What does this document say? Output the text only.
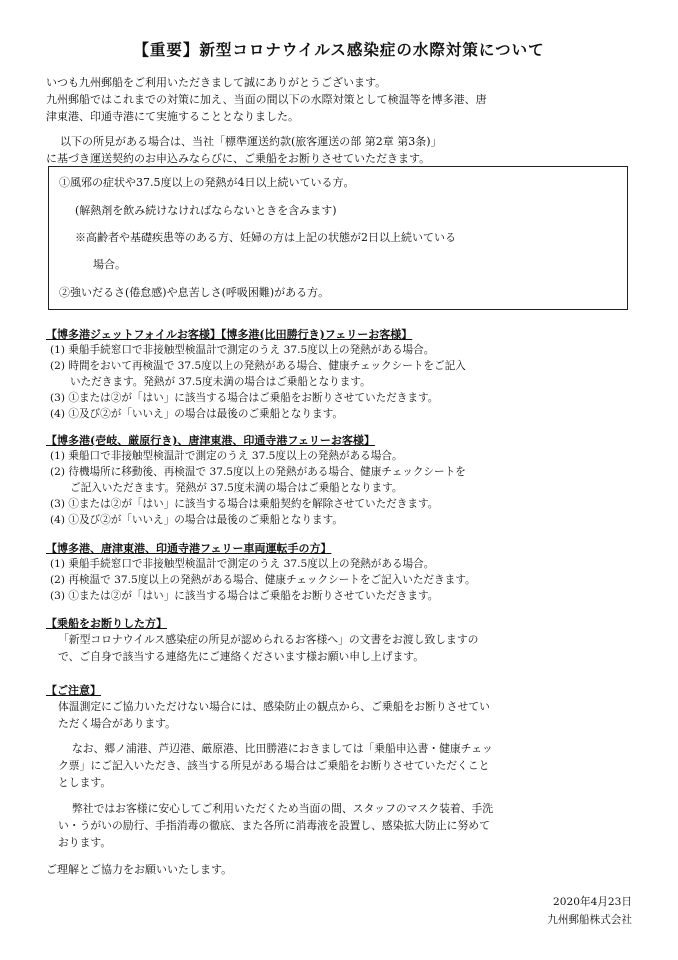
【重要】新型コロナウイルス感染症の水際対策について

いつも九州郵船をご利用いただきまして誠にありがとうございます。

九州郵船ではこれまでの対策に加え、当面の間以下の水際対策として検温等を博多港、唐

津東港、印通寺港にて実施することとなりました。

以下の所見がある場合は、当社「標準運送約款(旅客運送の部 第2章 第3条)」

に基づき運送契約のお申込みならびに、ご乗船をお断りさせていただきます。

①風邪の症状や37.5度以上の発熱が4日以上続いている方。
(解熱剤を飲み続けなければならないときを含みます)
※高齢者や基礎疾患等のある方、妊婦の方は上記の状態が2日以上続いている
場合。
②強いだるさ(倦怠感)や息苦しさ(呼吸困難)がある方。
【博多港ジェットフォイルお客様】【博多港(比田勝行き)フェリーお客様】
(1) 乗船手続窓口で非接触型検温計で測定のうえ 37.5度以上の発熱がある場合。
(2) 時間をおいて再検温で 37.5度以上の発熱がある場合、健康チェックシートをご記入
いただきます。発熱が 37.5度未満の場合はご乗船となります。
(3) ①または②が「はい」に該当する場合はご乗船をお断りさせていただきます。
(4) ①及び②が「いいえ」の場合は最後のご乗船となります。
【博多港(壱岐、厳原行き)、唐津東港、印通寺港フェリーお客様】
(1) 乗船口で非接触型検温計で測定のうえ 37.5度以上の発熱がある場合。
(2) 待機場所に移動後、再検温で 37.5度以上の発熱がある場合、健康チェックシートを
ご記入いただきます。発熱が 37.5度未満の場合はご乗船となります。
(3) ①または②が「はい」に該当する場合は乗船契約を解除させていただきます。
(4) ①及び②が「いいえ」の場合は最後のご乗船となります。
【博多港、唐津東港、印通寺港フェリー車両運転手の方】
(1) 乗船手続窓口で非接触型検温計で測定のうえ 37.5度以上の発熱がある場合。
(2) 再検温で 37.5度以上の発熱がある場合、健康チェックシートをご記入いただきます。
(3) ①または②が「はい」に該当する場合はご乗船をお断りさせていただきます。
【乗船をお断りした方】
「新型コロナウイルス感染症の所見が認められるお客様へ」の文書をお渡し致しますの
で、ご自身で該当する連絡先にご連絡くださいます様お願い申し上げます。
【ご注意】
体温測定にご協力いただけない場合には、感染防止の観点から、ご乗船をお断りさせてい
ただく場合があります。
なお、郷ノ浦港、芦辺港、厳原港、比田勝港におきましては「乗船申込書・健康チェッ
ク票」にご記入いただき、該当する所見がある場合はご乗船をお断りさせていただくこと
とします。
弊社ではお客様に安心してご利用いただくため当面の間、スタッフのマスク装着、手洗
い・うがいの励行、手指消毒の徹底、また各所に消毒液を設置し、感染拡大防止に努めて
おります。
ご理解とご協力をお願いいたします。
2020年4月23日
九州郵船株式会社
